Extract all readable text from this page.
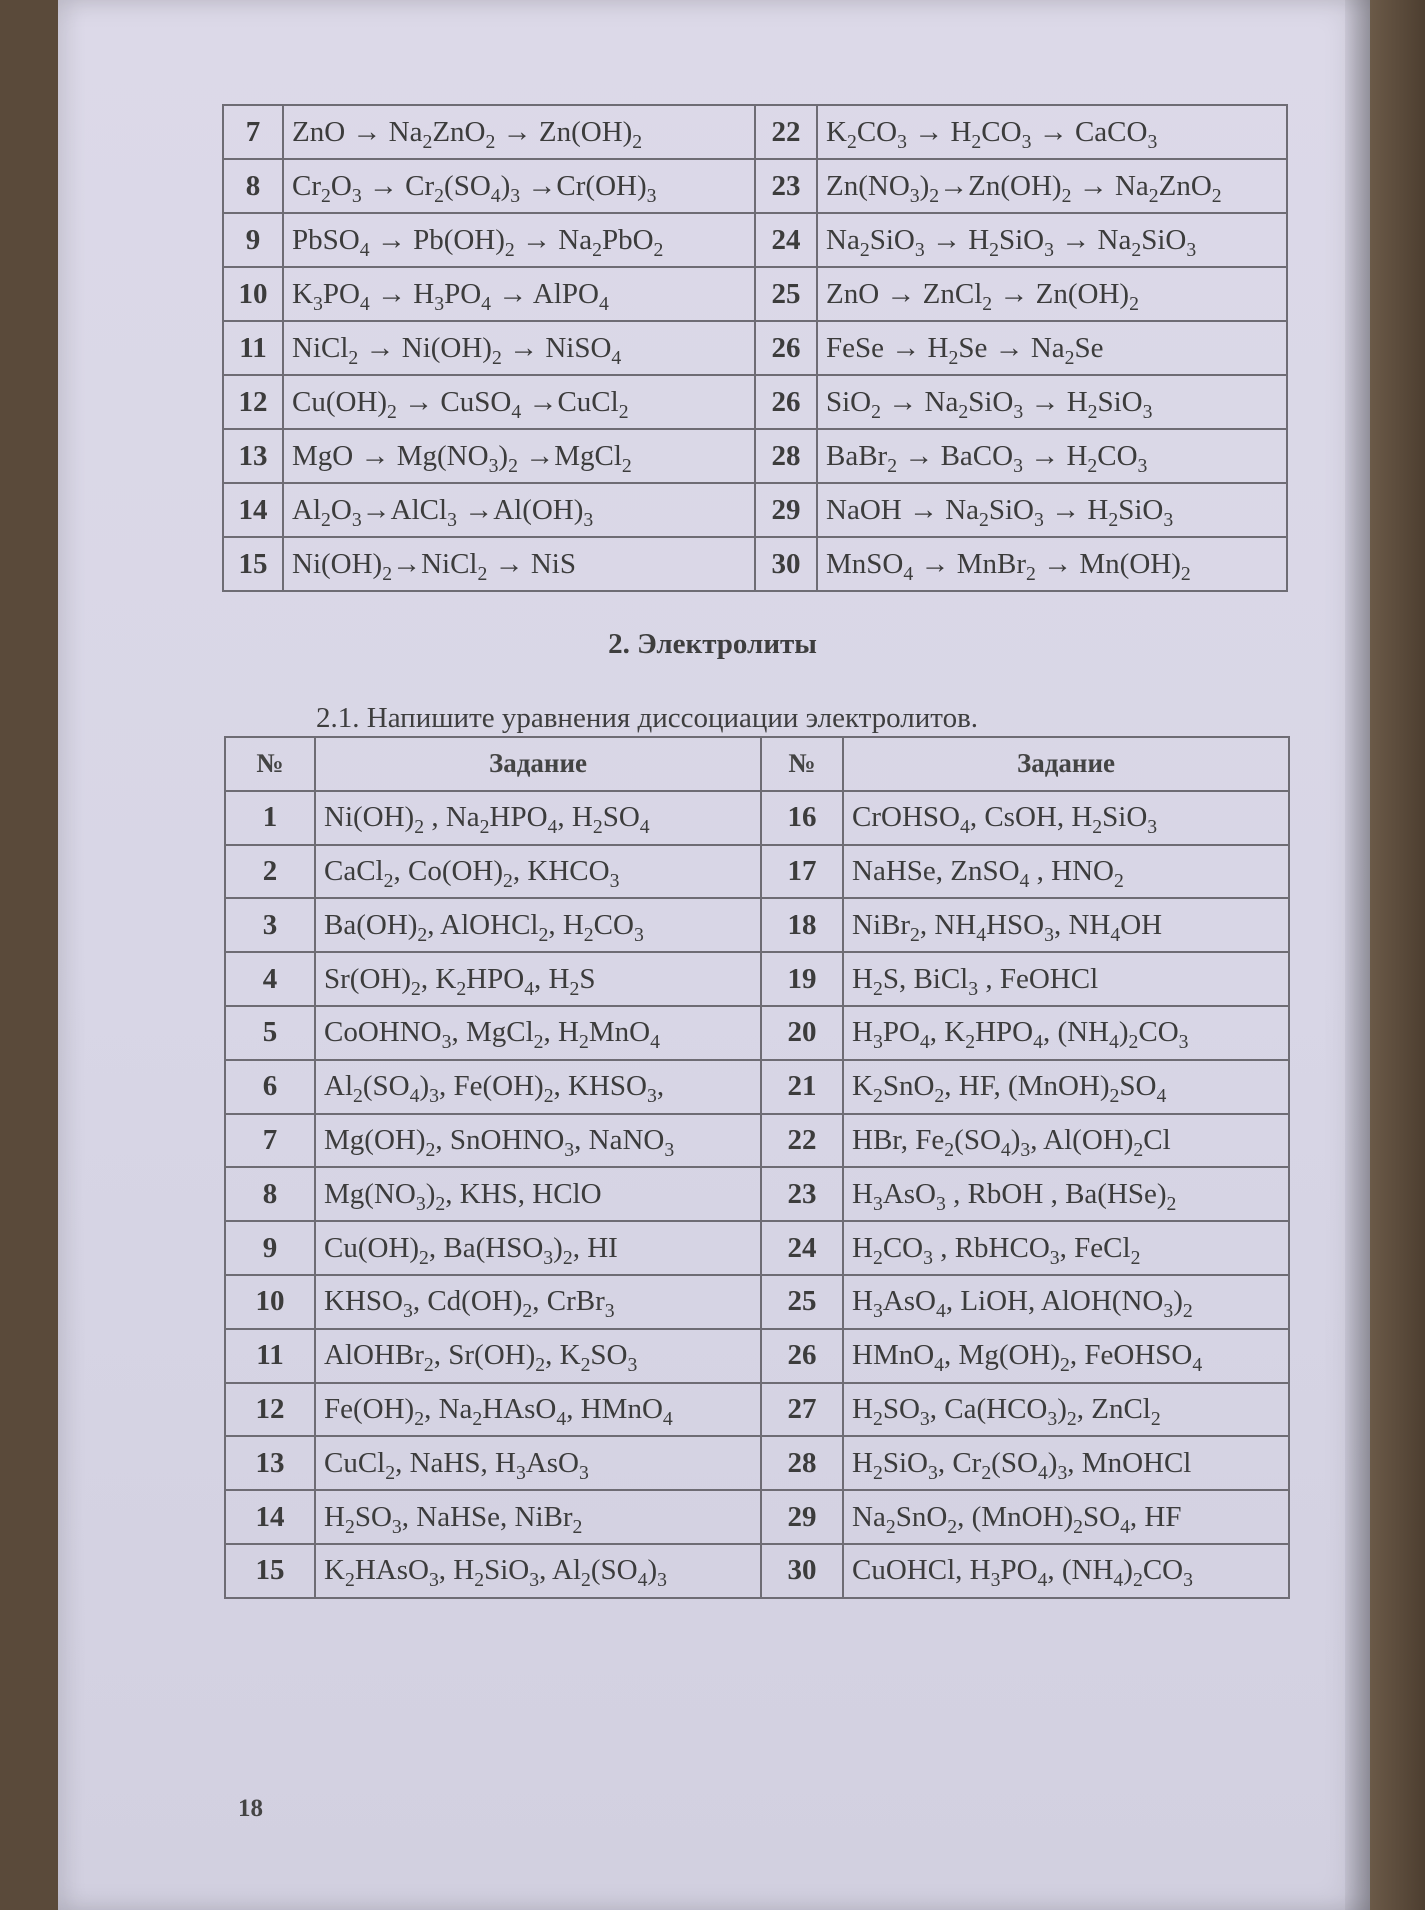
7	ZnO → $Na_2ZnO_2 \to Zn(OH)_2$	22	$K_2CO_3 \to H_2CO_3$ → CaCO$_3$
8	$Cr_2O_3 \to Cr_2(SO_4)_3 \to Cr(OH)_3$	23	$Zn(NO_3)_2\to Zn(OH)_2 \to Na_2ZnO_2$
9	PbSO$_4$ → $Pb(OH)_2 \to Na_2PbO_2$	24	$Na_2SiO_3 \to H_2SiO_3 \to Na_2SiO_3$
10	$K_3PO_4 \to H_3PO_4$ → AlPO$_4$	25	ZnO → ZnCl$_2$ → $Zn(OH)_2$
11	NiCl$_2$ → $Ni(OH)_2$ → NiSO$_4$	26	FeSe → $H_2Se \to Na_2Se$
12	$Cu(OH)_2$ → CuSO$_4$ →CuCl$_2$	26	$SiO_2 \to Na_2SiO_3 \to H_2SiO_3$
13	MgO → $Mg(NO_3)_2$ →MgCl$_2$	28	BaBr$_2$ → BaCO$_3$ → $H_2CO_3$
14	$Al_2O_3\to AlCl_3 \to Al(OH)_3$	29	NaOH → $Na_2SiO_3 \to H_2SiO_3$
15	$Ni(OH)_2\to NiCl_2$ → NiS	30	MnSO$_4$ → MnBr$_2$ → $Mn(OH)_2$
2. Электролиты
2.1. Напишите уравнения диссоциации электролитов.
№	Задание	№	Задание
1	$Ni(OH)_2$ , $Na_2HPO_4$, $H_2SO_4$	16	CrOHSO$_4$, CsOH, $H_2SiO_3$
2	CaCl$_2$, $Co(OH)_2$, $KHCO_3$	17	NaHSe, ZnSO$_4$ , $HNO_2$
3	$Ba(OH)_2$, AlOHCl$_2$, $H_2CO_3$	18	NiBr$_2$, $NH_4HSO_3$, $NH_4OH$
4	$Sr(OH)_2$, $K_2HPO_4$, $H_2S$	19	$H_2S$, BiCl$_3$ , FeOHCl
5	CoOHNO$_3$, MgCl$_2$, $H_2MnO_4$	20	$H_3PO_4$, $K_2HPO_4$, $(NH_4)_2CO_3$
6	$Al_2(SO_4)_3$, $Fe(OH)_2$, $KHSO_3$,	21	$K_2SnO_2$, HF, $(MnOH)_2SO_4$
7	$Mg(OH)_2$, SnOHNO$_3$, NaNO$_3$	22	HBr, $Fe_2(SO_4)_3$, $Al(OH)_2Cl$
8	$Mg(NO_3)_2$, KHS, HClO	23	$H_3AsO_3$ , RbOH , $Ba(HSe)_2$
9	$Cu(OH)_2$, $Ba(HSO_3)_2$, HI	24	$H_2CO_3$ , RbHCO$_3$, FeCl$_2$
10	$KHSO_3$, $Cd(OH)_2$, CrBr$_3$	25	$H_3AsO_4$, LiOH, $AlOH(NO_3)_2$
11	AlOHBr$_2$, $Sr(OH)_2$, $K_2SO_3$	26	HMnO$_4$, $Mg(OH)_2$, FeOHSO$_4$
12	$Fe(OH)_2$, $Na_2HAsO_4$, HMnO$_4$	27	$H_2SO_3$, $Ca(HCO_3)_2$, ZnCl$_2$
13	CuCl$_2$, NaHS, $H_3AsO_3$	28	$H_2SiO_3$, $Cr_2(SO_4)_3$, MnOHCl
14	$H_2SO_3$, NaHSe, NiBr$_2$	29	$Na_2SnO_2$, $(MnOH)_2SO_4$, HF
15	$K_2HAsO_3$, $H_2SiO_3$, $Al_2(SO_4)_3$	30	CuOHCl, $H_3PO_4$, $(NH_4)_2CO_3$
18
